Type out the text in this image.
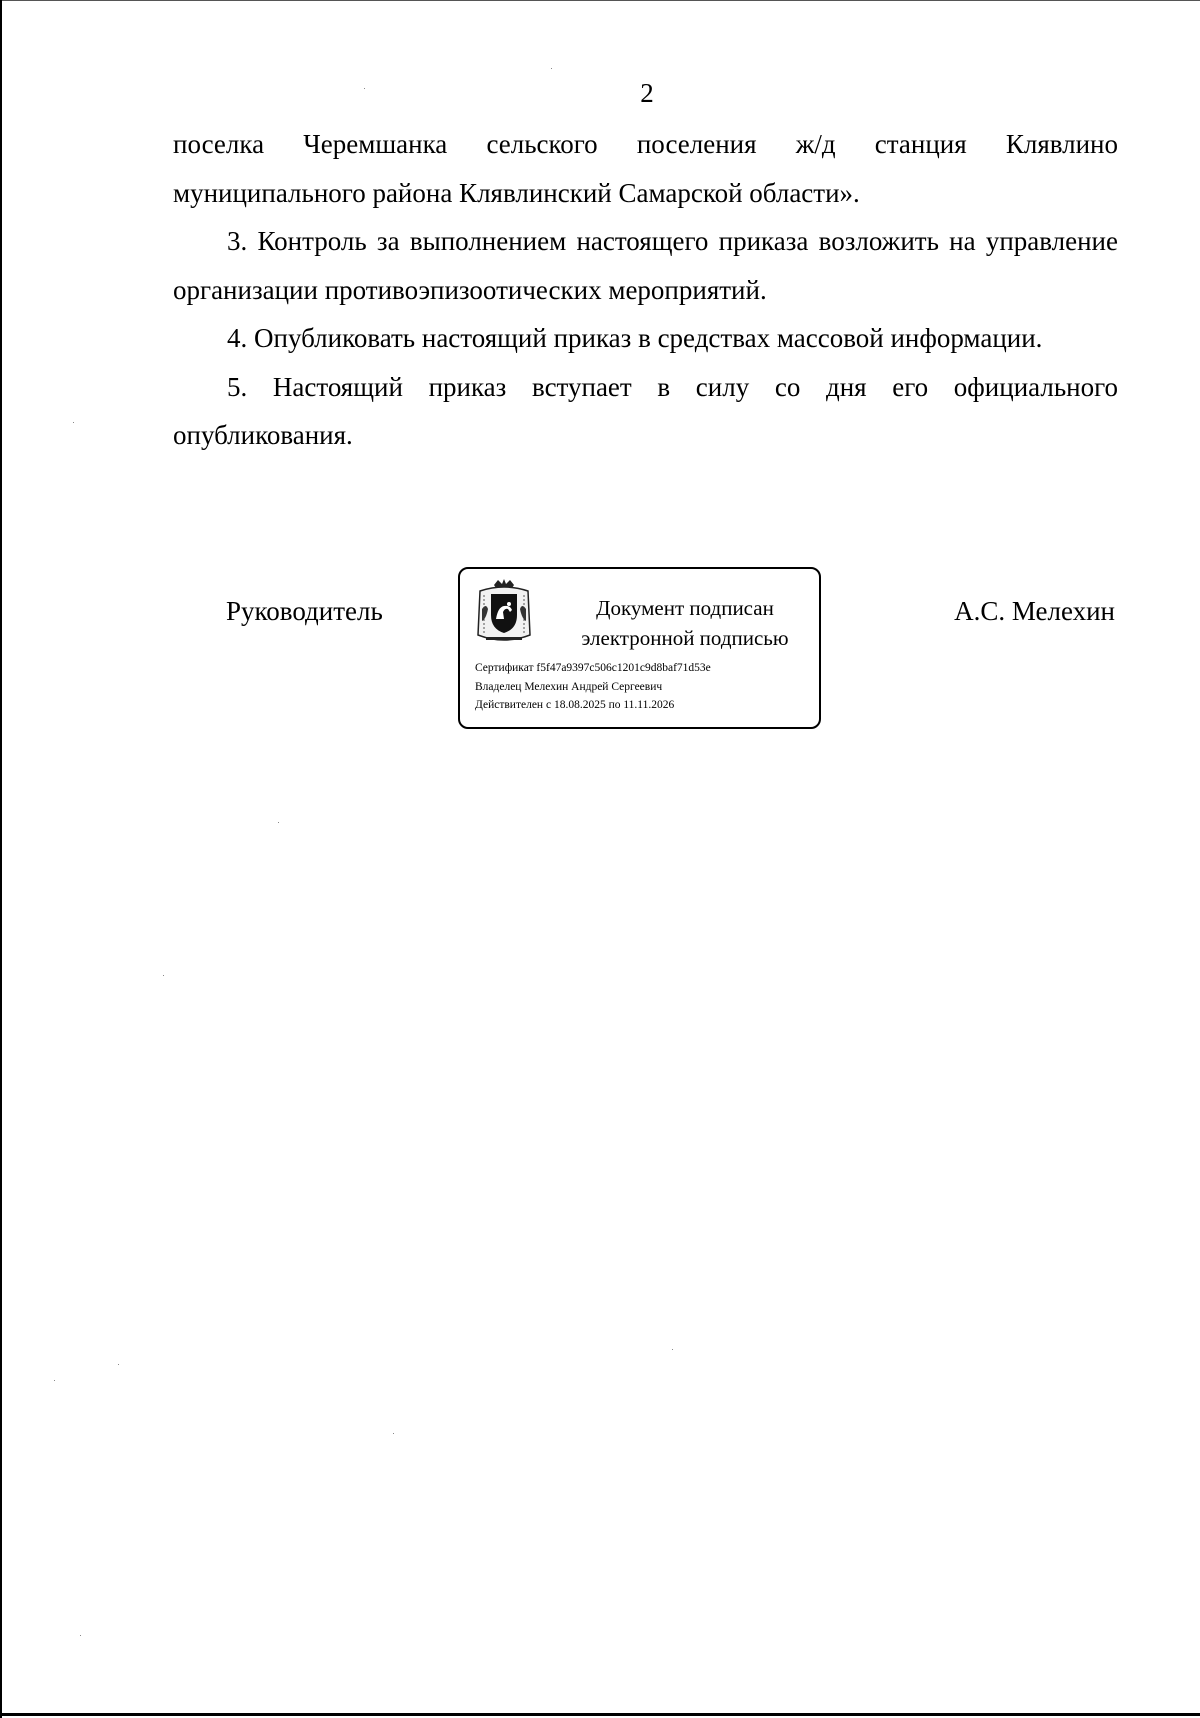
2

поселка Черемшанка сельского поселения ж/д станция Клявлино

муниципального района Клявлинский Самарской области».

3. Контроль за выполнением настоящего приказа возложить на управление организации противоэпизоотических мероприятий.

4. Опубликовать настоящий приказ в средствах массовой информации.

5. Настоящий приказ вступает в силу со дня его официального опубликования.

Руководитель	Документ подписан
электронной подписью
Сертификат f5f47a9397c506c1201c9d8baf71d53e
Владелец Мелехин Андрей Сергеевич
Действителен с 18.08.2025 по 11.11.2026
А.С. Мелехин
